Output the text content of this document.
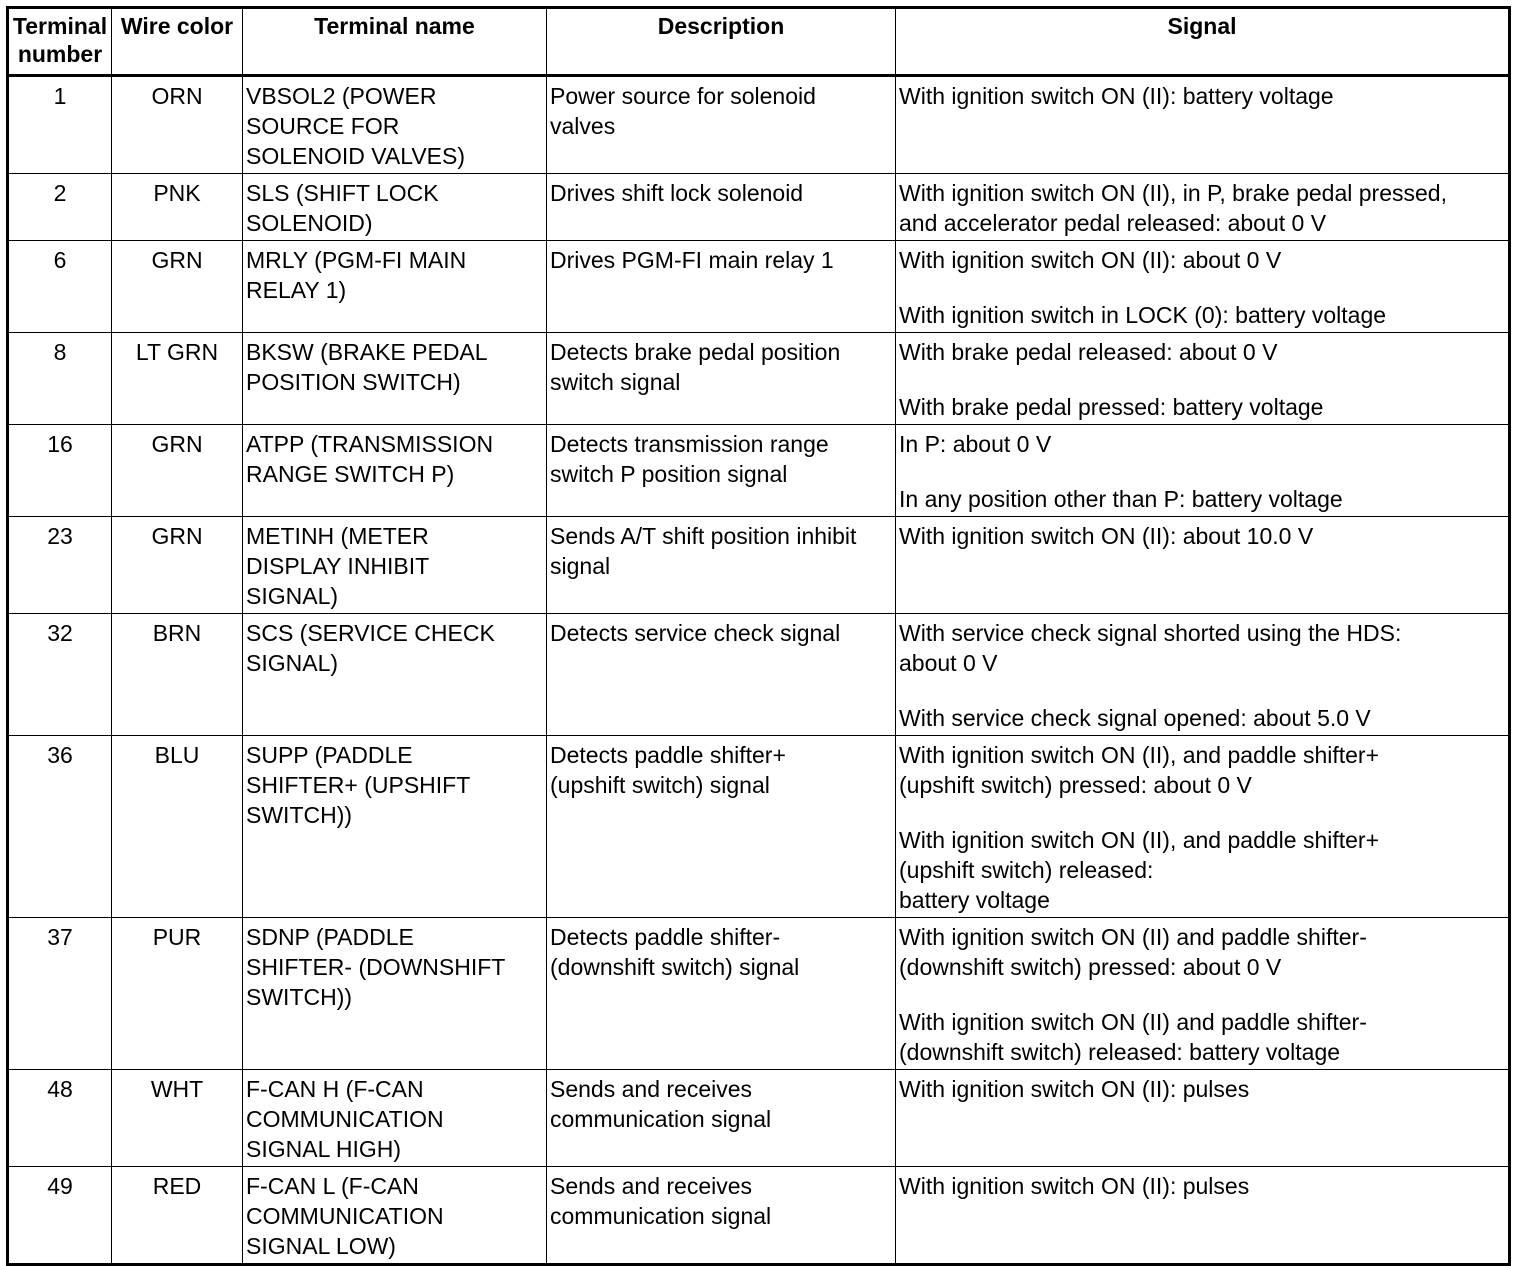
Terminal
number	Wire color	Terminal name	Description	Signal

1	ORN	VBSOL2 (POWER
SOURCE FOR
SOLENOID VALVES)	Power source for solenoid
valves	With ignition switch ON (II): battery voltage

2	PNK	SLS (SHIFT LOCK
SOLENOID)	Drives shift lock solenoid	With ignition switch ON (II), in P, brake pedal pressed,
and accelerator pedal released: about 0 V

6	GRN	MRLY (PGM-FI MAIN
RELAY 1)	Drives PGM-FI main relay 1	With ignition switch ON (II): about 0 V
With ignition switch in LOCK (0): battery voltage

8	LT GRN	BKSW (BRAKE PEDAL
POSITION SWITCH)	Detects brake pedal position
switch signal	With brake pedal released: about 0 V
With brake pedal pressed: battery voltage

16	GRN	ATPP (TRANSMISSION
RANGE SWITCH P)	Detects transmission range
switch P position signal	In P: about 0 V
In any position other than P: battery voltage

23	GRN	METINH (METER
DISPLAY INHIBIT
SIGNAL)	Sends A/T shift position inhibit
signal	With ignition switch ON (II): about 10.0 V

32	BRN	SCS (SERVICE CHECK
SIGNAL)	Detects service check signal	With service check signal shorted using the HDS:
about 0 V
With service check signal opened: about 5.0 V

36	BLU	SUPP (PADDLE
SHIFTER+ (UPSHIFT
SWITCH))	Detects paddle shifter+
(upshift switch) signal	With ignition switch ON (II), and paddle shifter+
(upshift switch) pressed: about 0 V
With ignition switch ON (II), and paddle shifter+
(upshift switch) released:
battery voltage

37	PUR	SDNP (PADDLE
SHIFTER- (DOWNSHIFT
SWITCH))	Detects paddle shifter-
(downshift switch) signal	With ignition switch ON (II) and paddle shifter-
(downshift switch) pressed: about 0 V
With ignition switch ON (II) and paddle shifter-
(downshift switch) released: battery voltage

48	WHT	F-CAN H (F-CAN
COMMUNICATION
SIGNAL HIGH)	Sends and receives
communication signal	With ignition switch ON (II): pulses

49	RED	F-CAN L (F-CAN
COMMUNICATION
SIGNAL LOW)	Sends and receives
communication signal	With ignition switch ON (II): pulses
